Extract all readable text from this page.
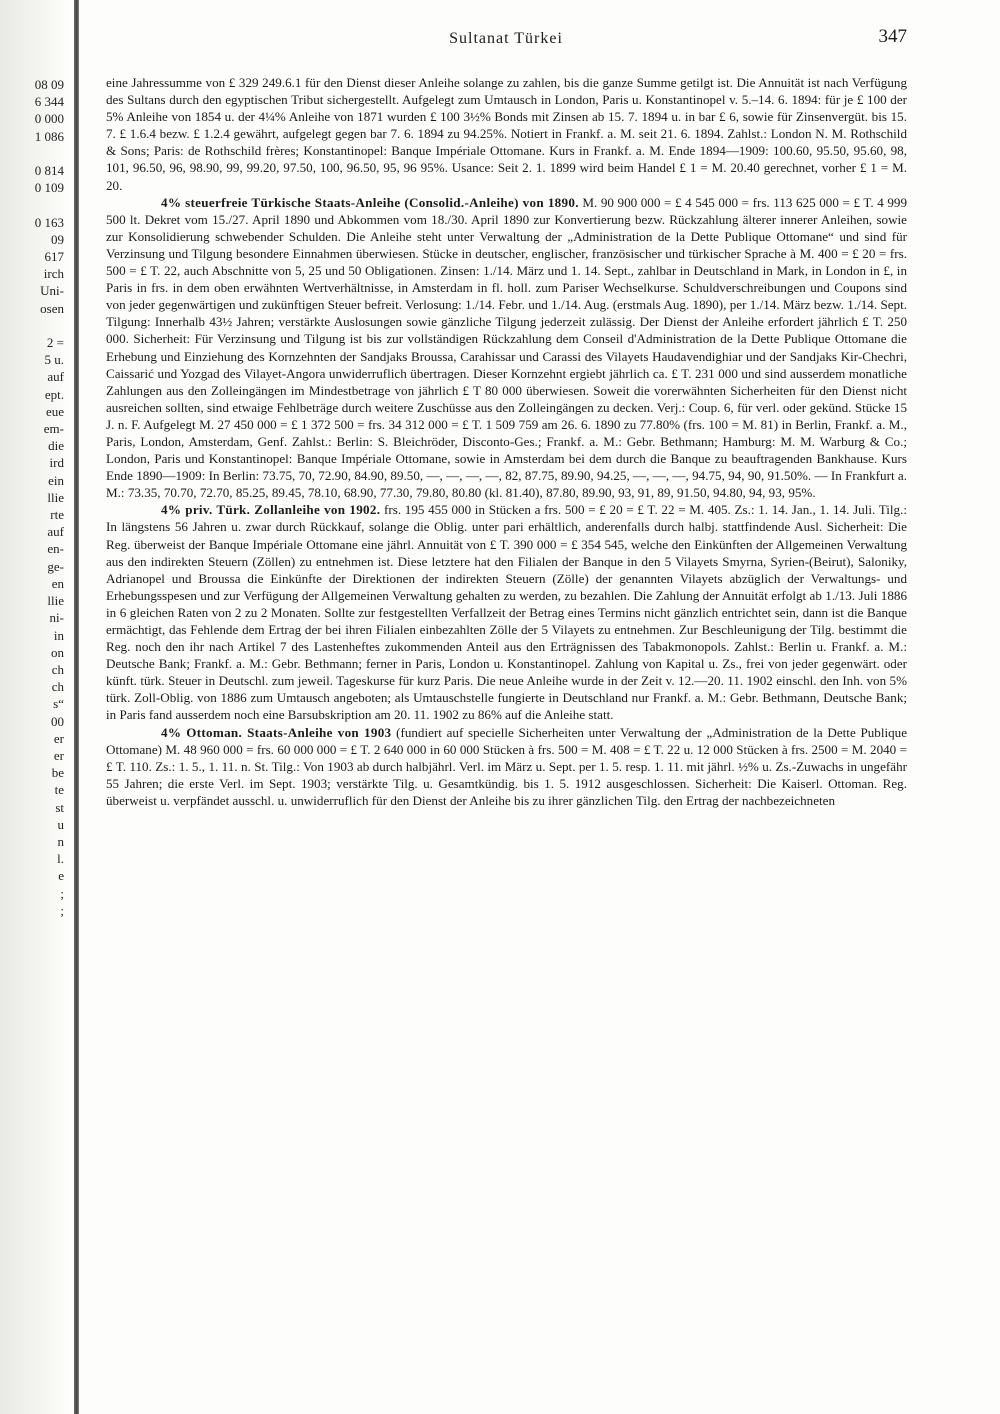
08 09
6 344
0 000
1 086

0 814
0 109

0 163
09
617
irch
Uni-
osen

2 =
5 u.
auf
ept.
eue
em-
die
ird
ein
llie
rte
auf
en-
ge-
en
llie
ni-
in
on
ch
ch
s“
00
er
er
be
te
st
u
n
l.
e
;
;
Sultanat Türkei	347

eine Jahressumme von £ 329 249.6.1 für den Dienst dieser Anleihe solange zu zahlen, bis die ganze Summe getilgt ist. Die Annuität ist nach Verfügung des Sultans durch den egyptischen Tribut sichergestellt. Aufgelegt zum Umtausch in London, Paris u. Konstantinopel v. 5.–14. 6. 1894: für je £ 100 der 5% Anleihe von 1854 u. der 4¼% Anleihe von 1871 wurden £ 100 3½% Bonds mit Zinsen ab 15. 7. 1894 u. in bar £ 6, sowie für Zinsenvergüt. bis 15. 7. £ 1.6.4 bezw. £ 1.2.4 gewährt, aufgelegt gegen bar 7. 6. 1894 zu 94.25%. Notiert in Frankf. a. M. seit 21. 6. 1894. Zahlst.: London N. M. Rothschild & Sons; Paris: de Rothschild frères; Konstantinopel: Banque Impériale Ottomane. Kurs in Frankf. a. M. Ende 1894—1909: 100.60, 95.50, 95.60, 98, 101, 96.50, 96, 98.90, 99, 99.20, 97.50, 100, 96.50, 95, 96 95%. Usance: Seit 2. 1. 1899 wird beim Handel £ 1 = M. 20.40 gerechnet, vorher £ 1 = M. 20.

4% steuerfreie Türkische Staats-Anleihe (Consolid.-Anleihe) von 1890. M. 90 900 000 = £ 4 545 000 = frs. 113 625 000 = £ T. 4 999 500 lt. Dekret vom 15./27. April 1890 und Abkommen vom 18./30. April 1890 zur Konvertierung bezw. Rückzahlung älterer innerer Anleihen, sowie zur Konsolidierung schwebender Schulden. Die Anleihe steht unter Verwaltung der „Administration de la Dette Publique Ottomane“ und sind für Verzinsung und Tilgung besondere Einnahmen überwiesen. Stücke in deutscher, englischer, französischer und türkischer Sprache à M. 400 = £ 20 = frs. 500 = £ T. 22, auch Abschnitte von 5, 25 und 50 Obligationen. Zinsen: 1./14. März und 1. 14. Sept., zahlbar in Deutschland in Mark, in London in £, in Paris in frs. in dem oben erwähnten Wertverhältnisse, in Amsterdam in fl. holl. zum Pariser Wechselkurse. Schuldverschreibungen und Coupons sind von jeder gegenwärtigen und zukünftigen Steuer befreit. Verlosung: 1./14. Febr. und 1./14. Aug. (erstmals Aug. 1890), per 1./14. März bezw. 1./14. Sept. Tilgung: Innerhalb 43½ Jahren; verstärkte Auslosungen sowie gänzliche Tilgung jederzeit zulässig. Der Dienst der Anleihe erfordert jährlich £ T. 250 000. Sicherheit: Für Verzinsung und Tilgung ist bis zur vollständigen Rückzahlung dem Conseil d'Administration de la Dette Publique Ottomane die Erhebung und Einziehung des Kornzehnten der Sandjaks Broussa, Carahissar und Carassi des Vilayets Haudavendighiar und der Sandjaks Kir-Chechri, Caissarić und Yozgad des Vilayet-Angora unwiderruflich übertragen. Dieser Kornzehnt ergiebt jährlich ca. £ T. 231 000 und sind ausserdem monatliche Zahlungen aus den Zolleingängen im Mindestbetrage von jährlich £ T 80 000 überwiesen. Soweit die vorerwähnten Sicherheiten für den Dienst nicht ausreichen sollten, sind etwaige Fehlbeträge durch weitere Zuschüsse aus den Zolleingängen zu decken. Verj.: Coup. 6, für verl. oder gekünd. Stücke 15 J. n. F. Aufgelegt M. 27 450 000 = £ 1 372 500 = frs. 34 312 000 = £ T. 1 509 759 am 26. 6. 1890 zu 77.80% (frs. 100 = M. 81) in Berlin, Frankf. a. M., Paris, London, Amsterdam, Genf. Zahlst.: Berlin: S. Bleichröder, Disconto-Ges.; Frankf. a. M.: Gebr. Bethmann; Hamburg: M. M. Warburg & Co.; London, Paris und Konstantinopel: Banque Impériale Ottomane, sowie in Amsterdam bei dem durch die Banque zu beauftragenden Bankhause. Kurs Ende 1890—1909: In Berlin: 73.75, 70, 72.90, 84.90, 89.50, —, —, —, —, 82, 87.75, 89.90, 94.25, —, —, —, 94.75, 94, 90, 91.50%. — In Frankfurt a. M.: 73.35, 70.70, 72.70, 85.25, 89.45, 78.10, 68.90, 77.30, 79.80, 80.80 (kl. 81.40), 87.80, 89.90, 93, 91, 89, 91.50, 94.80, 94, 93, 95%.

4% priv. Türk. Zollanleihe von 1902. frs. 195 455 000 in Stücken a frs. 500 = £ 20 = £ T. 22 = M. 405. Zs.: 1. 14. Jan., 1. 14. Juli. Tilg.: In längstens 56 Jahren u. zwar durch Rückkauf, solange die Oblig. unter pari erhältlich, anderenfalls durch halbj. stattfindende Ausl. Sicherheit: Die Reg. überweist der Banque Impériale Ottomane eine jährl. Annuität von £ T. 390 000 = £ 354 545, welche den Einkünften der Allgemeinen Verwaltung aus den indirekten Steuern (Zöllen) zu entnehmen ist. Diese letztere hat den Filialen der Banque in den 5 Vilayets Smyrna, Syrien-(Beirut), Saloniky, Adrianopel und Broussa die Einkünfte der Direktionen der indirekten Steuern (Zölle) der genannten Vilayets abzüglich der Verwaltungs- und Erhebungsspesen und zur Verfügung der Allgemeinen Verwaltung gehalten zu werden, zu bezahlen. Die Zahlung der Annuität erfolgt ab 1./13. Juli 1886 in 6 gleichen Raten von 2 zu 2 Monaten. Sollte zur festgestellten Verfallzeit der Betrag eines Termins nicht gänzlich entrichtet sein, dann ist die Banque ermächtigt, das Fehlende dem Ertrag der bei ihren Filialen einbezahlten Zölle der 5 Vilayets zu entnehmen. Zur Beschleunigung der Tilg. bestimmt die Reg. noch den ihr nach Artikel 7 des Lastenheftes zukommenden Anteil aus den Erträgnissen des Tabakmonopols. Zahlst.: Berlin u. Frankf. a. M.: Deutsche Bank; Frankf. a. M.: Gebr. Bethmann; ferner in Paris, London u. Konstantinopel. Zahlung von Kapital u. Zs., frei von jeder gegenwärt. oder künft. türk. Steuer in Deutschl. zum jeweil. Tageskurse für kurz Paris. Die neue Anleihe wurde in der Zeit v. 12.—20. 11. 1902 einschl. den Inh. von 5% türk. Zoll-Oblig. von 1886 zum Umtausch angeboten; als Umtauschstelle fungierte in Deutschland nur Frankf. a. M.: Gebr. Bethmann, Deutsche Bank; in Paris fand ausserdem noch eine Barsubskription am 20. 11. 1902 zu 86% auf die Anleihe statt.

4% Ottoman. Staats-Anleihe von 1903 (fundiert auf specielle Sicherheiten unter Verwaltung der „Administration de la Dette Publique Ottomane) M. 48 960 000 = frs. 60 000 000 = £ T. 2 640 000 in 60 000 Stücken à frs. 500 = M. 408 = £ T. 22 u. 12 000 Stücken à frs. 2500 = M. 2040 = £ T. 110. Zs.: 1. 5., 1. 11. n. St. Tilg.: Von 1903 ab durch halbjährl. Verl. im März u. Sept. per 1. 5. resp. 1. 11. mit jährl. ½% u. Zs.-Zuwachs in ungefähr 55 Jahren; die erste Verl. im Sept. 1903; verstärkte Tilg. u. Gesamtkündig. bis 1. 5. 1912 ausgeschlossen. Sicherheit: Die Kaiserl. Ottoman. Reg. überweist u. verpfändet ausschl. u. unwiderruflich für den Dienst der Anleihe bis zu ihrer gänzlichen Tilg. den Ertrag der nachbezeichneten
